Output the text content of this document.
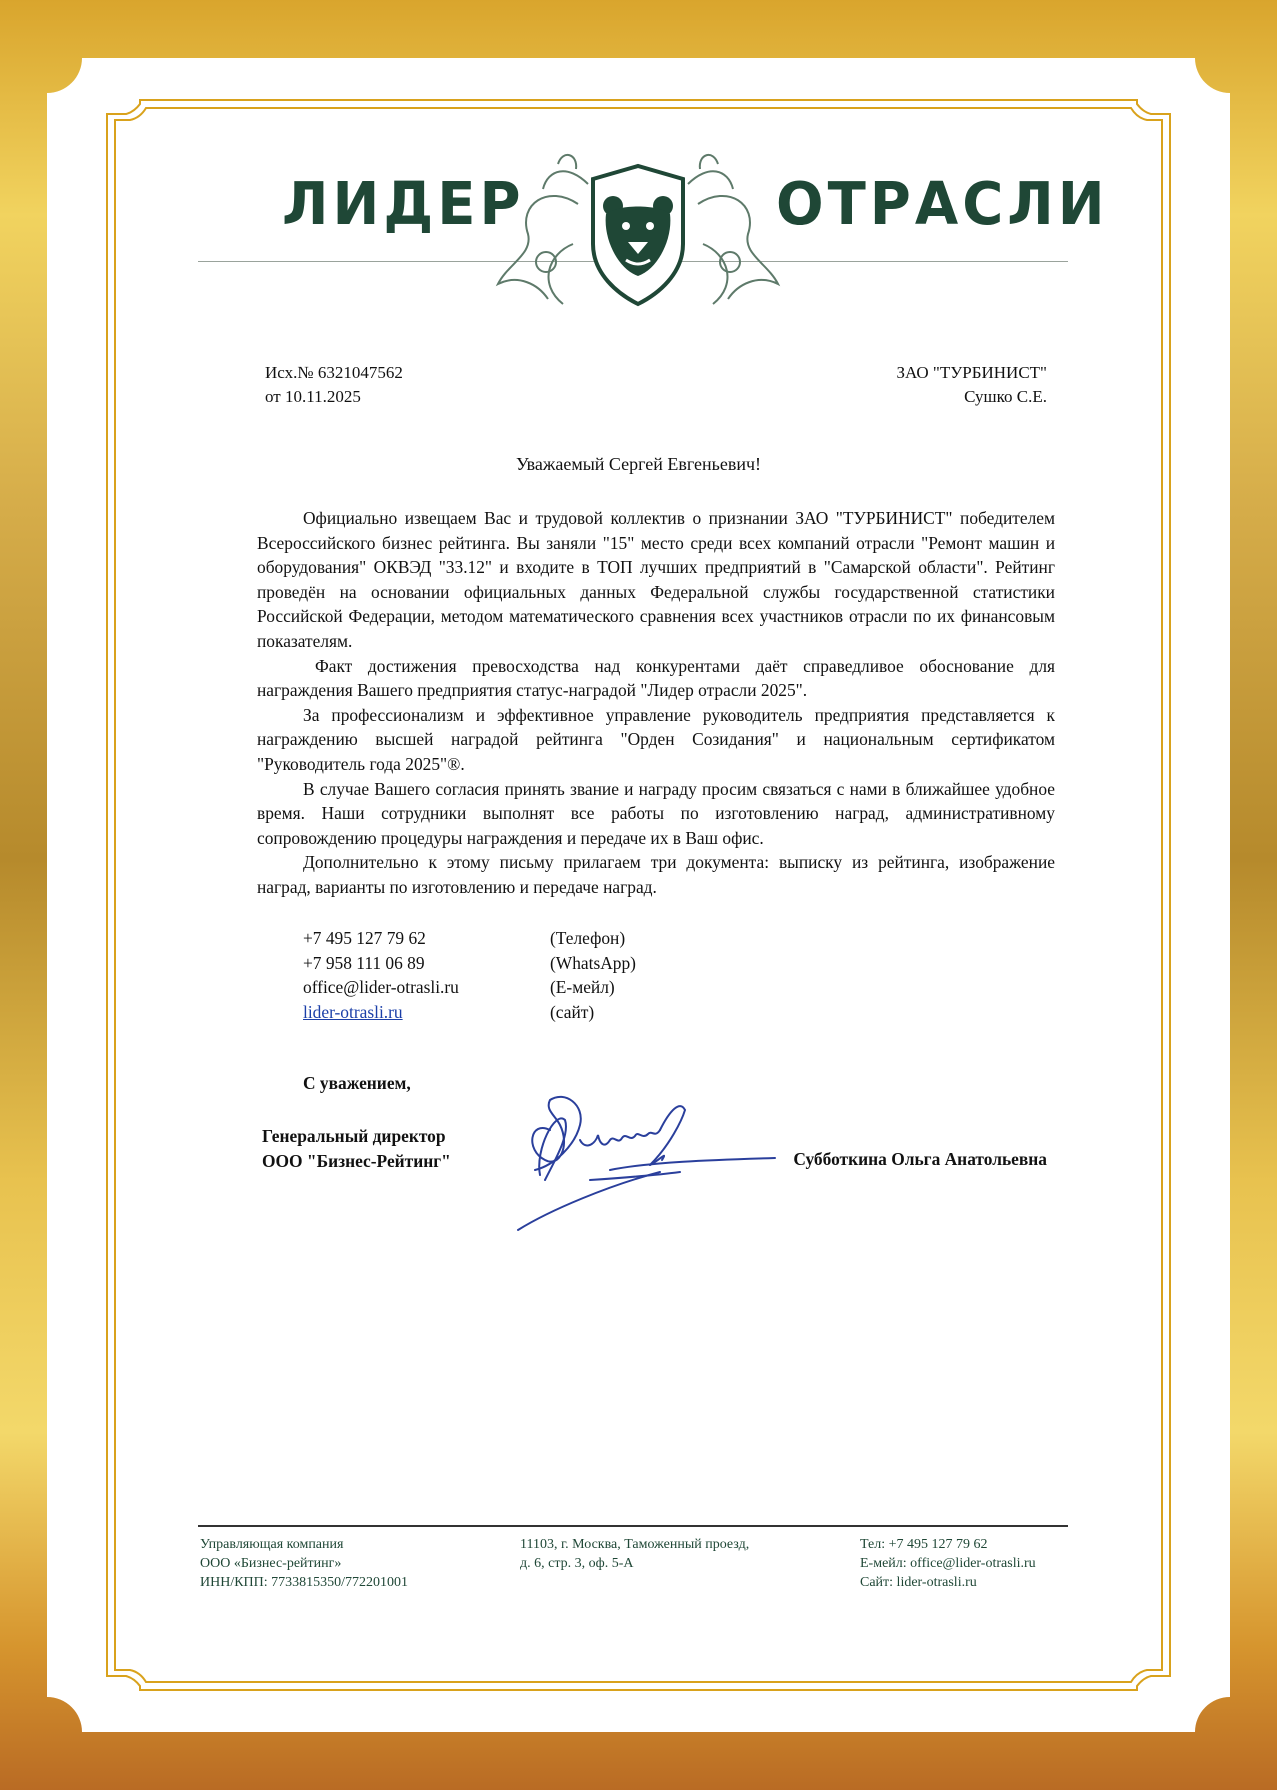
ЛИДЕР	ОТРАСЛИ
Исх.№ 6321047562
от 10.11.2025
ЗАО "ТУРБИНИСТ"
Сушко С.Е.
Уважаемый Сергей Евгеньевич!

Официально извещаем Вас и трудовой коллектив о признании ЗАО "ТУРБИНИСТ" победителем Всероссийского бизнес рейтинга. Вы заняли "15" место среди всех компаний отрасли "Ремонт машин и оборудования" ОКВЭД "33.12" и входите в ТОП лучших предприятий в "Самарской области". Рейтинг проведён на основании официальных данных Федеральной службы государственной статистики Российской Федерации, методом математического сравнения всех участников отрасли по их финансовым показателям.

Факт достижения превосходства над конкурентами даёт справедливое обоснование для награждения Вашего предприятия статус-наградой "Лидер отрасли 2025".

За профессионализм и эффективное управление руководитель предприятия представляется к награждению высшей наградой рейтинга "Орден Созидания" и национальным сертификатом "Руководитель года 2025"®.

В случае Вашего согласия принять звание и награду просим связаться с нами в ближайшее удобное время. Наши сотрудники выполнят все работы по изготовлению наград, административному сопровождению процедуры награждения и передаче их в Ваш офис.

Дополнительно к этому письму прилагаем три документа: выписку из рейтинга, изображение наград, варианты по изготовлению и передаче наград.

+7 495 127 79 62	(Телефон)
+7 958 111 06 89	(WhatsApp)
office@lider-otrasli.ru	(Е-мейл)
lider-otrasli.ru	(сайт)
С уважением,
Генеральный директор
ООО "Бизнес-Рейтинг"	Субботкина Ольга Анатольевна
Управляющая компания
ООО «Бизнес-рейтинг»
ИНН/КПП: 7733815350/772201001
11103, г. Москва, Таможенный проезд,
д. 6, стр. 3, оф. 5-А
Тел: +7 495 127 79 62
Е-мейл: office@lider-otrasli.ru
Сайт: lider-otrasli.ru
